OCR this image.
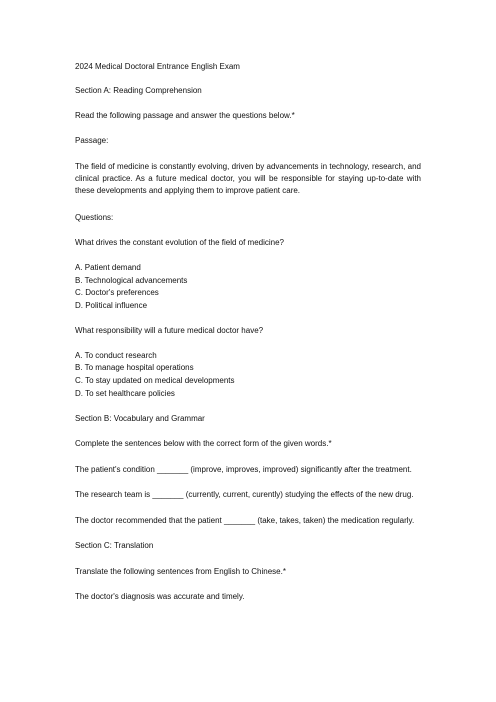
2024 Medical Doctoral Entrance English Exam
Section A: Reading Comprehension
Read the following passage and answer the questions below.*
Passage:
The field of medicine is constantly evolving, driven by advancements in technology, research, and clinical practice. As a future medical doctor, you will be responsible for staying up-to-date with these developments and applying them to improve patient care.
Questions:
What drives the constant evolution of the field of medicine?
A. Patient demand
B. Technological advancements
C. Doctor's preferences
D. Political influence
What responsibility will a future medical doctor have?
A. To conduct research
B. To manage hospital operations
C. To stay updated on medical developments
D. To set healthcare policies
Section B: Vocabulary and Grammar
Complete the sentences below with the correct form of the given words.*
The patient's condition _______ (improve, improves, improved) significantly after the treatment.
The research team is _______ (currently, current, curently) studying the effects of the new drug.
The doctor recommended that the patient _______ (take, takes, taken) the medication regularly.
Section C: Translation
Translate the following sentences from English to Chinese.*
The doctor's diagnosis was accurate and timely.
